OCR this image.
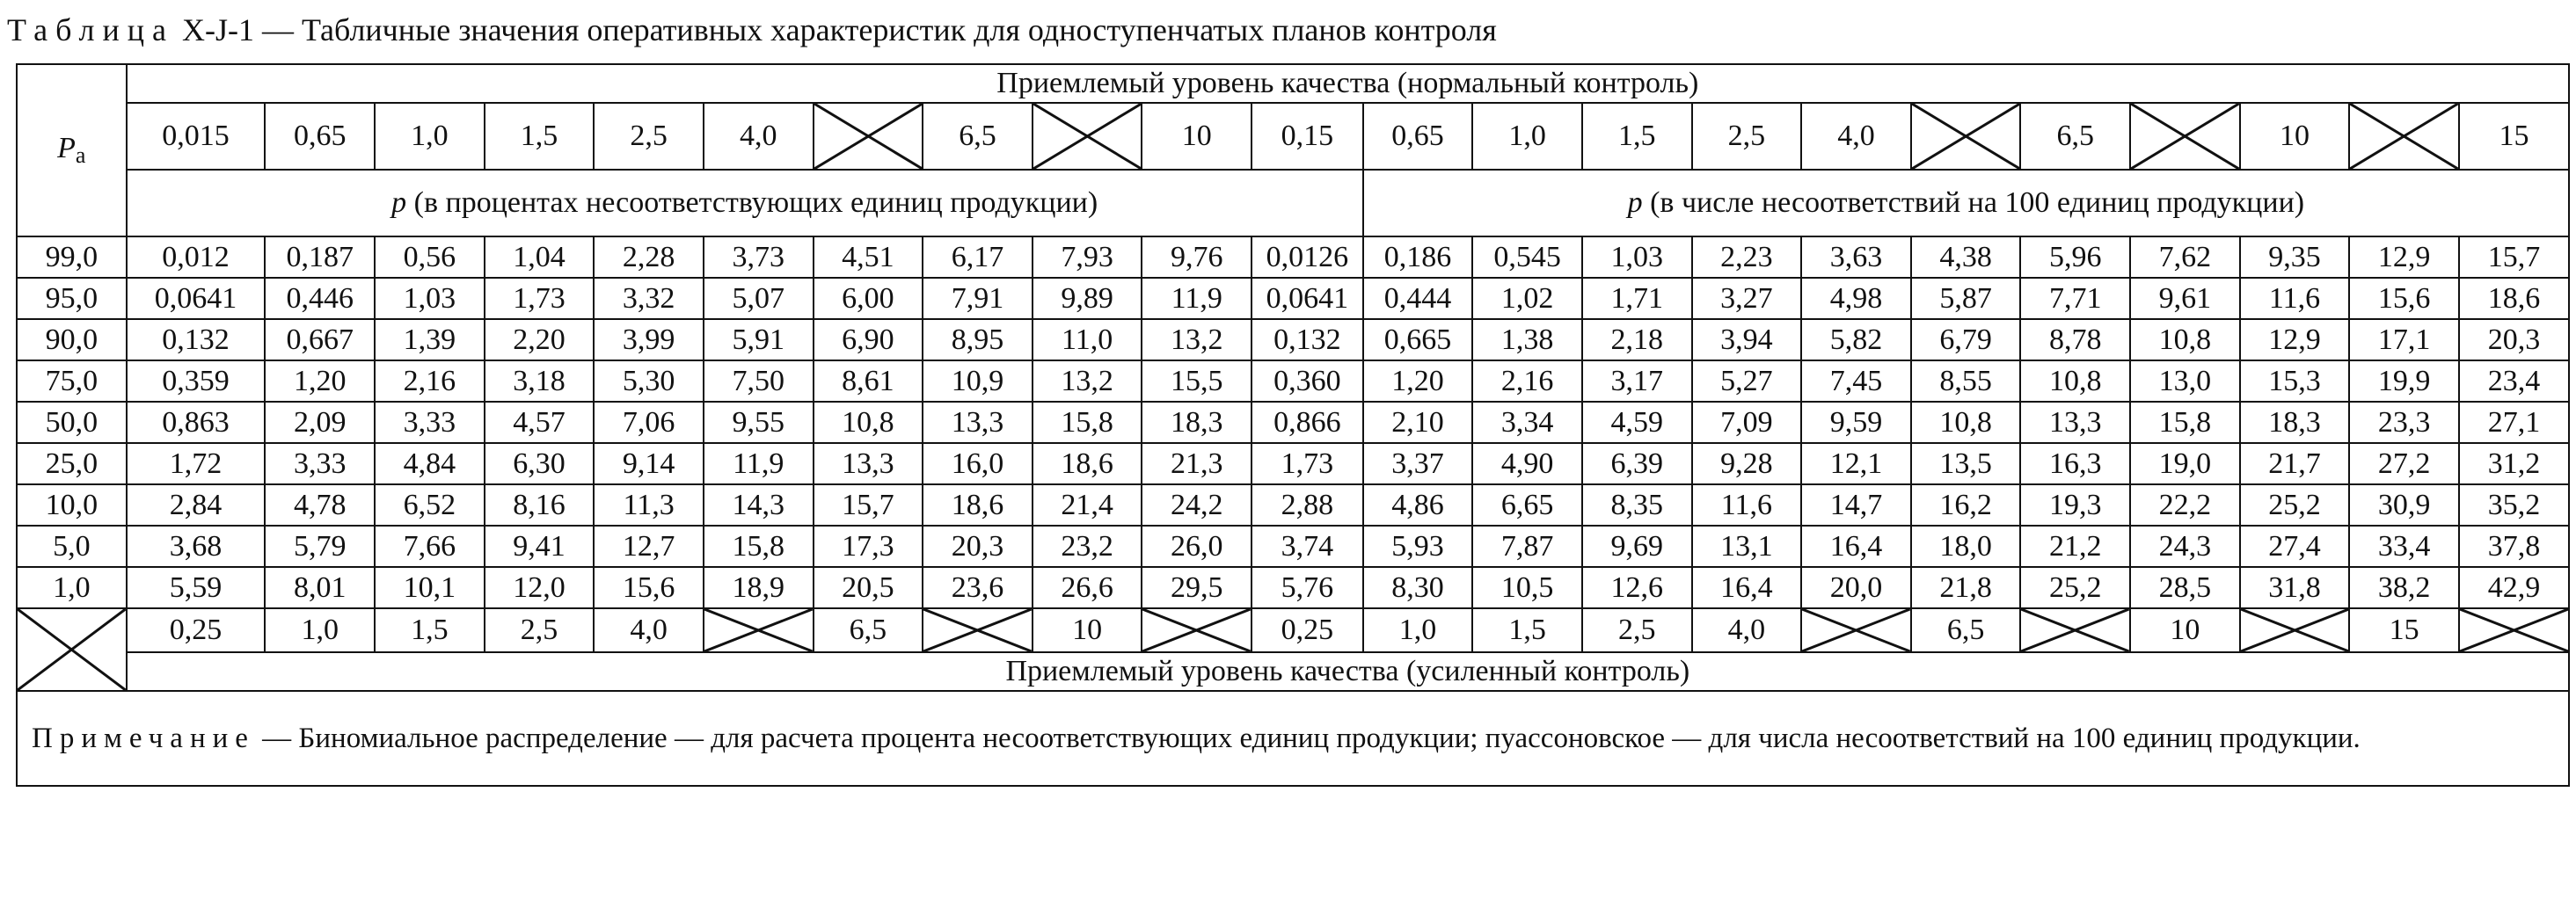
Таблица X-J-1 — Табличные значения оперативных характеристик для одноступенчатых планов контроля
Pa	Приемлемый уровень качества (нормальный контроль)																					
	0,015	0,65	1,0	1,5	2,5	4,0		6,5		10	0,15	0,65	1,0	1,5	2,5	4,0		6,5		10		15
	p (в процентах несоответствующих единиц продукции)											p (в числе несоответствий на 100 единиц продукции)										
99,0	0,012	0,187	0,56	1,04	2,28	3,73	4,51	6,17	7,93	9,76	0,0126	0,186	0,545	1,03	2,23	3,63	4,38	5,96	7,62	9,35	12,9	15,7
95,0	0,0641	0,446	1,03	1,73	3,32	5,07	6,00	7,91	9,89	11,9	0,0641	0,444	1,02	1,71	3,27	4,98	5,87	7,71	9,61	11,6	15,6	18,6
90,0	0,132	0,667	1,39	2,20	3,99	5,91	6,90	8,95	11,0	13,2	0,132	0,665	1,38	2,18	3,94	5,82	6,79	8,78	10,8	12,9	17,1	20,3
75,0	0,359	1,20	2,16	3,18	5,30	7,50	8,61	10,9	13,2	15,5	0,360	1,20	2,16	3,17	5,27	7,45	8,55	10,8	13,0	15,3	19,9	23,4
50,0	0,863	2,09	3,33	4,57	7,06	9,55	10,8	13,3	15,8	18,3	0,866	2,10	3,34	4,59	7,09	9,59	10,8	13,3	15,8	18,3	23,3	27,1
25,0	1,72	3,33	4,84	6,30	9,14	11,9	13,3	16,0	18,6	21,3	1,73	3,37	4,90	6,39	9,28	12,1	13,5	16,3	19,0	21,7	27,2	31,2
10,0	2,84	4,78	6,52	8,16	11,3	14,3	15,7	18,6	21,4	24,2	2,88	4,86	6,65	8,35	11,6	14,7	16,2	19,3	22,2	25,2	30,9	35,2
5,0	3,68	5,79	7,66	9,41	12,7	15,8	17,3	20,3	23,2	26,0	3,74	5,93	7,87	9,69	13,1	16,4	18,0	21,2	24,3	27,4	33,4	37,8
1,0	5,59	8,01	10,1	12,0	15,6	18,9	20,5	23,6	26,6	29,5	5,76	8,30	10,5	12,6	16,4	20,0	21,8	25,2	28,5	31,8	38,2	42,9

	0,25	1,0	1,5	2,5	4,0		6,5		10		0,25	1,0	1,5	2,5	4,0		6,5		10		15	

	Приемлемый уровень качества (усиленный контроль)																					
Примечание — Биномиальное распределение — для расчета процента несоответствующих единиц продукции; пуассоновское — для числа несоответствий на 100 единиц продукции.																						
